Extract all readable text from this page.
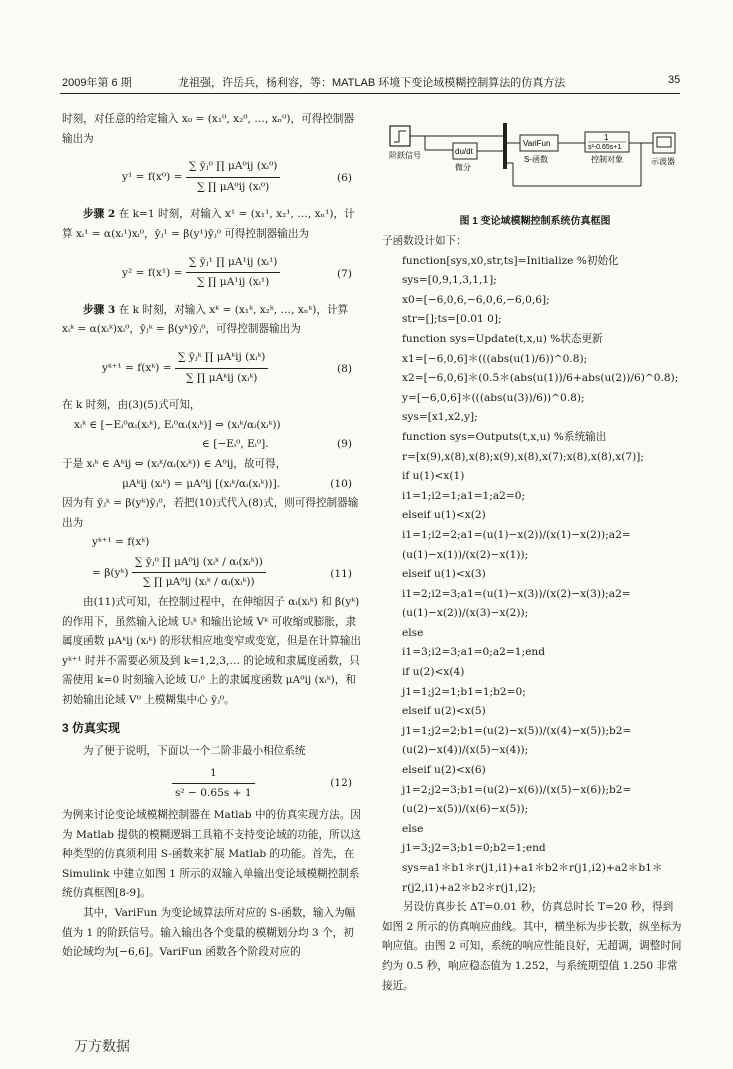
2009年第 6 期	龙祖强，许岳兵，杨利容，等：MATLAB 环境下变论域模糊控制算法的仿真方法	35

时刻，对任意的给定输入 x₀ = (x₁⁰, x₂⁰, …, xₙ⁰)，可得控制器输出为

$y^1 = f(x^0) = \frac{\text{∑ ȳⱼ⁰ ∏ μA⁰ij (xᵢ⁰)}}{\text{∑ ∏ μA⁰ij (xᵢ⁰)}}$	(6)

步骤 2 在 k=1 时刻，对输入 x¹ = (x₁¹, x₂¹, …, xₙ¹)，计算 xᵢ¹ = α(xᵢ¹)xᵢ⁰，ȳⱼ¹ = β(y¹)ȳⱼ⁰ 可得控制器输出为

$y^2 = f(x^1) = \frac{\text{∑ ȳⱼ¹ ∏ μA¹ij (xᵢ¹)}}{\text{∑ ∏ μA¹ij (xᵢ¹)}}$	(7)

步骤 3 在 k 时刻，对输入 xᵏ = (x₁ᵏ, x₂ᵏ, …, xₙᵏ)，计算 xᵢᵏ = α(xᵢᵏ)xᵢ⁰，ȳⱼᵏ = β(yᵏ)ȳⱼ⁰，可得控制器输出为

yᵏ⁺¹ = f(xᵏ) = $\frac{\text{∑ ȳⱼᵏ ∏ μAᵏij (xᵢᵏ)}}{\text{∑ ∏ μAᵏij (xᵢᵏ)}}$	(8)

在 k 时刻，由(3)(5)式可知，

xᵢᵏ ∈ [−Eᵢ⁰αᵢ(xᵢᵏ), Eᵢ⁰αᵢ(xᵢᵏ)] ⇔ (xᵢᵏ/αᵢ(xᵢᵏ))
∈ [−Eᵢ⁰, Eᵢ⁰].	(9)

于是 xᵢᵏ ∈ Aᵏij ⇔ (xᵢᵏ/αᵢ(xᵢᵏ)) ∈ A⁰ij，故可得，

μAᵏij (xᵢᵏ) = μA⁰ij [(xᵢᵏ/αᵢ(xᵢᵏ))].	(10)

因为有 ȳⱼᵏ = β(yᵏ)ȳⱼ⁰，若把(10)式代入(8)式，则可得控制器输出为

yᵏ⁺¹ = f(xᵏ)
= β(yᵏ) $\frac{\text{∑ ȳⱼ⁰ ∏ μA⁰ij (xᵢᵏ / αᵢ(xᵢᵏ))}}{\text{∑ ∏ μA⁰ij (xᵢᵏ / αᵢ(xᵢᵏ))}}$	(11)

由(11)式可知，在控制过程中，在伸缩因子 αᵢ(xᵢᵏ) 和 β(yᵏ) 的作用下，虽然输入论域 Uᵢᵏ 和输出论域 Vᵏ 可收缩或膨胀，隶属度函数 μAᵏij (xᵢᵏ) 的形状相应地变窄或变宽，但是在计算输出 yᵏ⁺¹ 时并不需要必须及到 k=1,2,3,… 的论域和隶属度函数，只需使用 k=0 时刻输入论域 Uᵢ⁰ 上的隶属度函数 μA⁰ij (xᵢᵏ)，和初始输出论域 V⁰ 上模糊集中心 ȳⱼ⁰。

3 仿真实现

为了便于说明，下面以一个二阶非最小相位系统

$\frac{1}{\text{s² − 0.65s + 1}}$	(12)

为例来讨论变论域模糊控制器在 Matlab 中的仿真实现方法。因为 Matlab 提供的模糊逻辑工具箱不支持变论域的功能，所以这种类型的仿真须利用 S-函数来扩展 Matlab 的功能。首先，在 Simulink 中建立如图 1 所示的双输入单输出变论域模糊控制系统仿真框图[8-9]。

其中，VariFun 为变论域算法所对应的 S-函数，输入为幅值为 1 的阶跃信号。输入输出各个变量的模糊划分均 3 个，初始论域均为[−6,6]。VariFun 函数各个阶段对应的

阶跃信号	du/dt
微分
VariFun
S-函数
1
s²-0.65s+1
控制对象	示波器
图 1 变论域模糊控制系统仿真框图

子函数设计如下：

function[sys,x0,str,ts]=Initialize %初始化
sys=[0,9,1,3,1,1];
x0=[−6,0,6,−6,0,6,−6,0,6];
str=[];ts=[0.01 0];
function sys=Update(t,x,u) %状态更新
x1=[−6,0,6]＊(((abs(u(1)/6))^0.8);
x2=[−6,0,6]＊(0.5＊(abs(u(1))/6+abs(u(2))/6)^0.8);
y=[−6,0,6]＊(((abs(u(3))/6))^0.8);
sys=[x1,x2,y];
function sys=Outputs(t,x,u) %系统输出
r=[x(9),x(8),x(8);x(9),x(8),x(7);x(8),x(8),x(7)];
if u(1)<x(1)
i1=1;i2=1;a1=1;a2=0;
elseif u(1)<x(2)
i1=1;i2=2;a1=(u(1)−x(2))/(x(1)−x(2));a2=(u(1)−x(1))/(x(2)−x(1));
elseif u(1)<x(3)
i1=2;i2=3;a1=(u(1)−x(3))/(x(2)−x(3));a2=(u(1)−x(2))/(x(3)−x(2));
else
i1=3;i2=3;a1=0;a2=1;end
if u(2)<x(4)
j1=1;j2=1;b1=1;b2=0;
elseif u(2)<x(5)
j1=1;j2=2;b1=(u(2)−x(5))/(x(4)−x(5));b2=(u(2)−x(4))/(x(5)−x(4));
elseif u(2)<x(6)
j1=2;j2=3;b1=(u(2)−x(6))/(x(5)−x(6));b2=(u(2)−x(5))/(x(6)−x(5));
else
j1=3;j2=3;b1=0;b2=1;end
sys=a1＊b1＊r(j1,i1)+a1＊b2＊r(j1,i2)+a2＊b1＊r(j2,i1)+a2＊b2＊r(j1,i2);

另设仿真步长 ΔT=0.01 秒，仿真总时长 T=20 秒，得到如图 2 所示的仿真响应曲线。其中，横坐标为步长数，纵坐标为响应值。由图 2 可知，系统的响应性能良好，无超调，调整时间约为 0.5 秒，响应稳态值为 1.252，与系统期望值 1.250 非常接近。

万方数据
